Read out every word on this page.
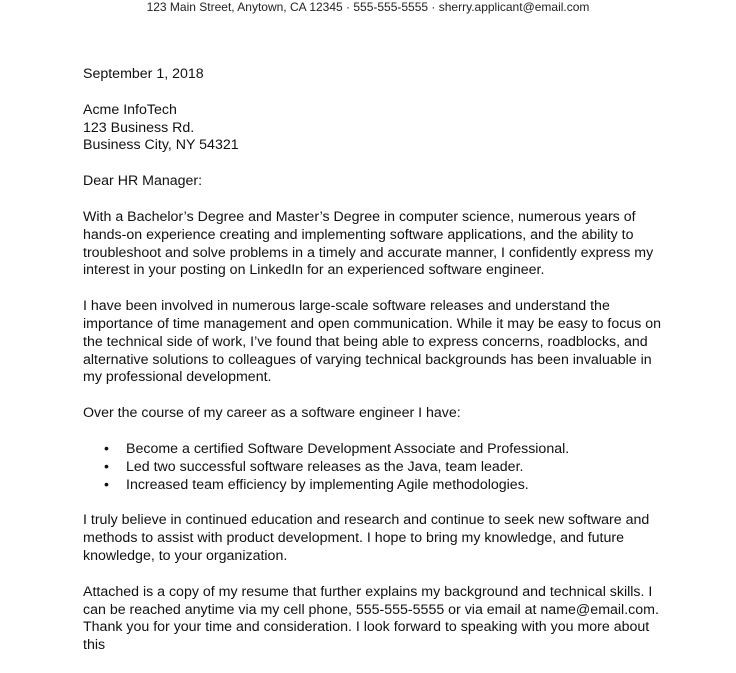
123 Main Street, Anytown, CA 12345 · 555-555-5555 · sherry.applicant@email.com

September 1, 2018

Acme InfoTech

123 Business Rd.

Business City, NY 54321

Dear HR Manager:

With a Bachelor’s Degree and Master’s Degree in computer science, numerous years of hands-on experience creating and implementing software applications, and the ability to troubleshoot and solve problems in a timely and accurate manner, I confidently express my interest in your posting on LinkedIn for an experienced software engineer.

I have been involved in numerous large-scale software releases and understand the importance of time management and open communication. While it may be easy to focus on the technical side of work, I’ve found that being able to express concerns, roadblocks, and alternative solutions to colleagues of varying technical backgrounds has been invaluable in my professional development.

Over the course of my career as a software engineer I have:

• Become a certified Software Development Associate and Professional.
• Led two successful software releases as the Java, team leader.
• Increased team efficiency by implementing Agile methodologies.

I truly believe in continued education and research and continue to seek new software and methods to assist with product development. I hope to bring my knowledge, and future knowledge, to your organization.

Attached is a copy of my resume that further explains my background and technical skills. I can be reached anytime via my cell phone, 555-555-5555 or via email at name@email.com. Thank you for your time and consideration. I look forward to speaking with you more about this
